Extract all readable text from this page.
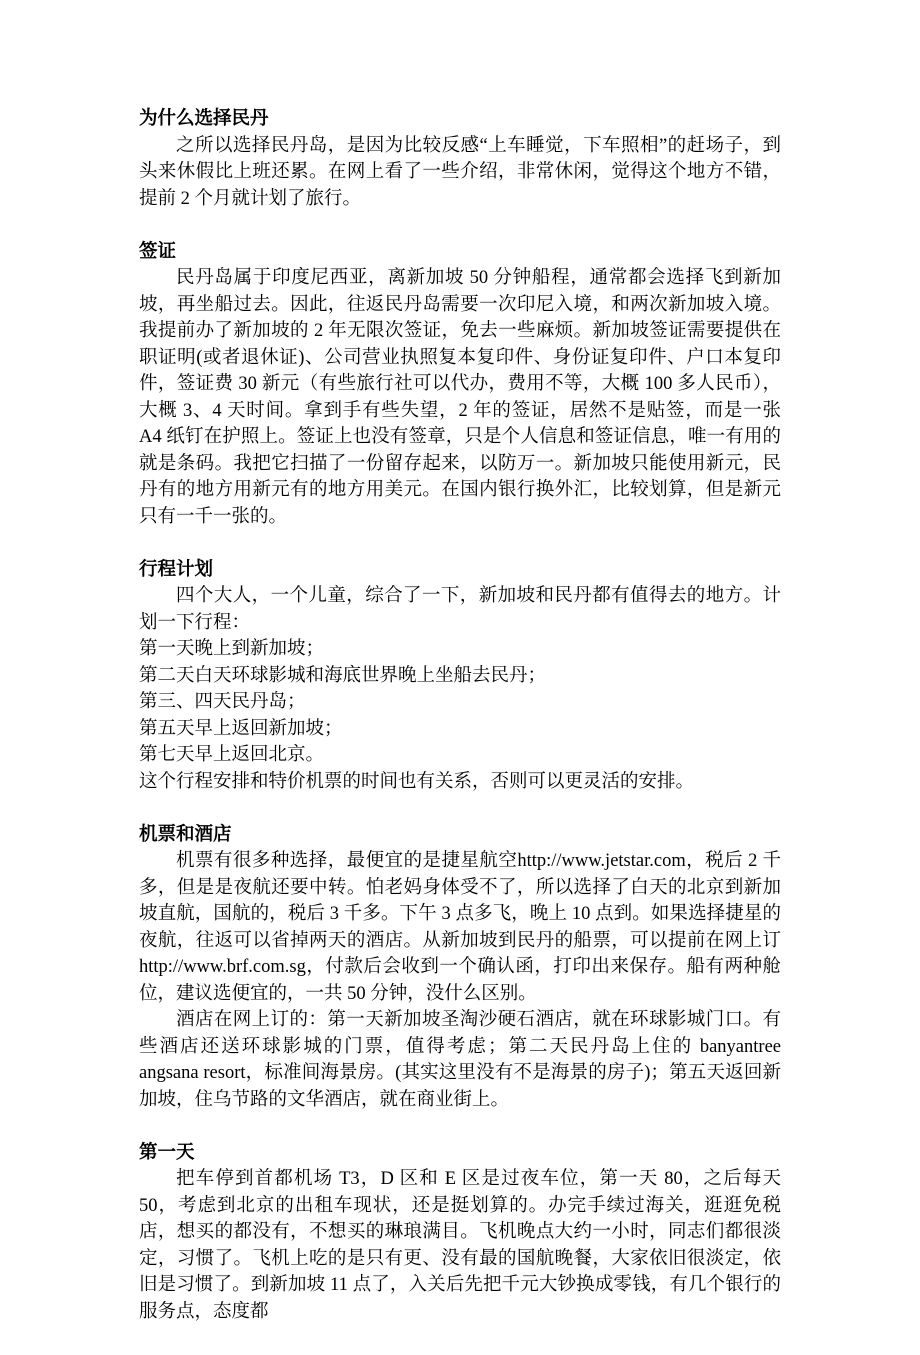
为什么选择民丹

之所以选择民丹岛，是因为比较反感“上车睡觉，下车照相”的赶场子，到头来休假比上班还累。在网上看了一些介绍，非常休闲，觉得这个地方不错，提前 2 个月就计划了旅行。

签证

民丹岛属于印度尼西亚，离新加坡 50 分钟船程，通常都会选择飞到新加坡，再坐船过去。因此，往返民丹岛需要一次印尼入境，和两次新加坡入境。我提前办了新加坡的 2 年无限次签证，免去一些麻烦。新加坡签证需要提供在职证明(或者退休证)、公司营业执照复本复印件、身份证复印件、户口本复印件，签证费 30 新元（有些旅行社可以代办，费用不等，大概 100 多人民币），大概 3、4 天时间。拿到手有些失望，2 年的签证，居然不是贴签，而是一张 A4 纸钉在护照上。签证上也没有签章，只是个人信息和签证信息，唯一有用的就是条码。我把它扫描了一份留存起来，以防万一。新加坡只能使用新元，民丹有的地方用新元有的地方用美元。在国内银行换外汇，比较划算，但是新元只有一千一张的。

行程计划

四个大人，一个儿童，综合了一下，新加坡和民丹都有值得去的地方。计划一下行程：

第一天晚上到新加坡；

第二天白天环球影城和海底世界晚上坐船去民丹；

第三、四天民丹岛；

第五天早上返回新加坡；

第七天早上返回北京。

这个行程安排和特价机票的时间也有关系，否则可以更灵活的安排。

机票和酒店

机票有很多种选择，最便宜的是捷星航空http://www.jetstar.com，税后 2 千多，但是是夜航还要中转。怕老妈身体受不了，所以选择了白天的北京到新加坡直航，国航的，税后 3 千多。下午 3 点多飞，晚上 10 点到。如果选择捷星的夜航，往返可以省掉两天的酒店。从新加坡到民丹的船票，可以提前在网上订 http://www.brf.com.sg，付款后会收到一个确认函，打印出来保存。船有两种舱位，建议选便宜的，一共 50 分钟，没什么区别。

酒店在网上订的：第一天新加坡圣淘沙硬石酒店，就在环球影城门口。有些酒店还送环球影城的门票，值得考虑；第二天民丹岛上住的 banyantree angsana resort，标准间海景房。(其实这里没有不是海景的房子)；第五天返回新加坡，住乌节路的文华酒店，就在商业街上。

第一天

把车停到首都机场 T3，D 区和 E 区是过夜车位，第一天 80，之后每天 50，考虑到北京的出租车现状，还是挺划算的。办完手续过海关，逛逛免税店，想买的都没有，不想买的琳琅满目。飞机晚点大约一小时，同志们都很淡定，习惯了。飞机上吃的是只有更、没有最的国航晚餐，大家依旧很淡定，依旧是习惯了。到新加坡 11 点了，入关后先把千元大钞换成零钱，有几个银行的服务点，态度都
